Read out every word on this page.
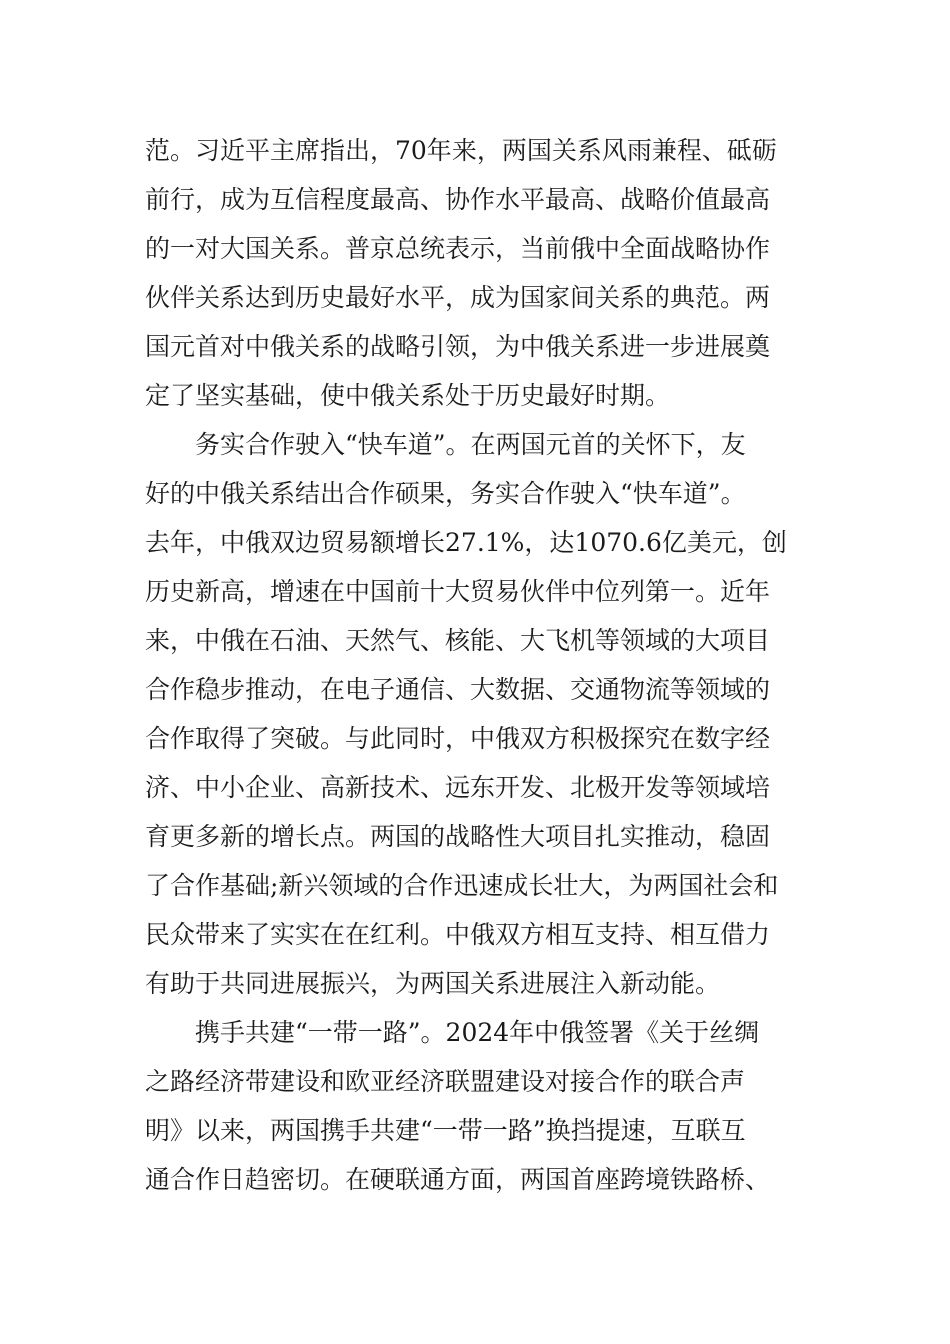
范。习近平主席指出，70年来，两国关系风雨兼程、砥砺
前行，成为互信程度最高、协作水平最高、战略价值最高
的一对大国关系。普京总统表示，当前俄中全面战略协作
伙伴关系达到历史最好水平，成为国家间关系的典范。两
国元首对中俄关系的战略引领，为中俄关系进一步进展奠
定了坚实基础，使中俄关系处于历史最好时期。
务实合作驶入“快车道”。在两国元首的关怀下，友
好的中俄关系结出合作硕果，务实合作驶入“快车道”。
去年，中俄双边贸易额增长27.1%，达1070.6亿美元，创
历史新高，增速在中国前十大贸易伙伴中位列第一。近年
来，中俄在石油、天然气、核能、大飞机等领域的大项目
合作稳步推动，在电子通信、大数据、交通物流等领域的
合作取得了突破。与此同时，中俄双方积极探究在数字经
济、中小企业、高新技术、远东开发、北极开发等领域培
育更多新的增长点。两国的战略性大项目扎实推动，稳固
了合作基础;新兴领域的合作迅速成长壮大，为两国社会和
民众带来了实实在在红利。中俄双方相互支持、相互借力
有助于共同进展振兴，为两国关系进展注入新动能。
携手共建“一带一路”。2024年中俄签署《关于丝绸
之路经济带建设和欧亚经济联盟建设对接合作的联合声
明》以来，两国携手共建“一带一路”换挡提速，互联互
通合作日趋密切。在硬联通方面，两国首座跨境铁路桥、
